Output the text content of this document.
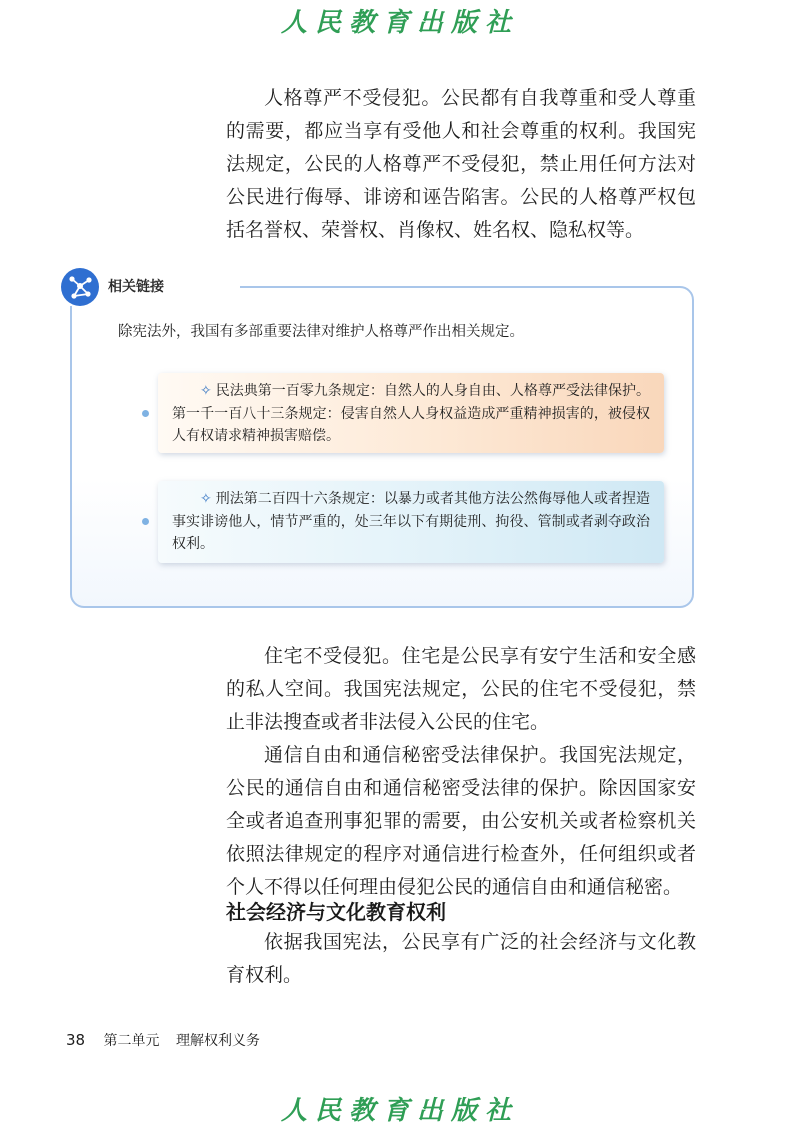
人民教育出版社

人格尊严不受侵犯。公民都有自我尊重和受人尊重的需要，都应当享有受他人和社会尊重的权利。我国宪法规定，公民的人格尊严不受侵犯，禁止用任何方法对公民进行侮辱、诽谤和诬告陷害。公民的人格尊严权包括名誉权、荣誉权、肖像权、姓名权、隐私权等。

相关链接

除宪法外，我国有多部重要法律对维护人格尊严作出相关规定。

✧ 民法典第一百零九条规定：自然人的人身自由、人格尊严受法律保护。第一千一百八十三条规定：侵害自然人人身权益造成严重精神损害的，被侵权人有权请求精神损害赔偿。
✧ 刑法第二百四十六条规定：以暴力或者其他方法公然侮辱他人或者捏造事实诽谤他人，情节严重的，处三年以下有期徒刑、拘役、管制或者剥夺政治权利。

住宅不受侵犯。住宅是公民享有安宁生活和安全感的私人空间。我国宪法规定，公民的住宅不受侵犯，禁止非法搜查或者非法侵入公民的住宅。

通信自由和通信秘密受法律保护。我国宪法规定，公民的通信自由和通信秘密受法律的保护。除因国家安全或者追查刑事犯罪的需要，由公安机关或者检察机关依照法律规定的程序对通信进行检查外，任何组织或者个人不得以任何理由侵犯公民的通信自由和通信秘密。

社会经济与文化教育权利

依据我国宪法，公民享有广泛的社会经济与文化教育权利。

38 第二单元 理解权利义务
人民教育出版社
